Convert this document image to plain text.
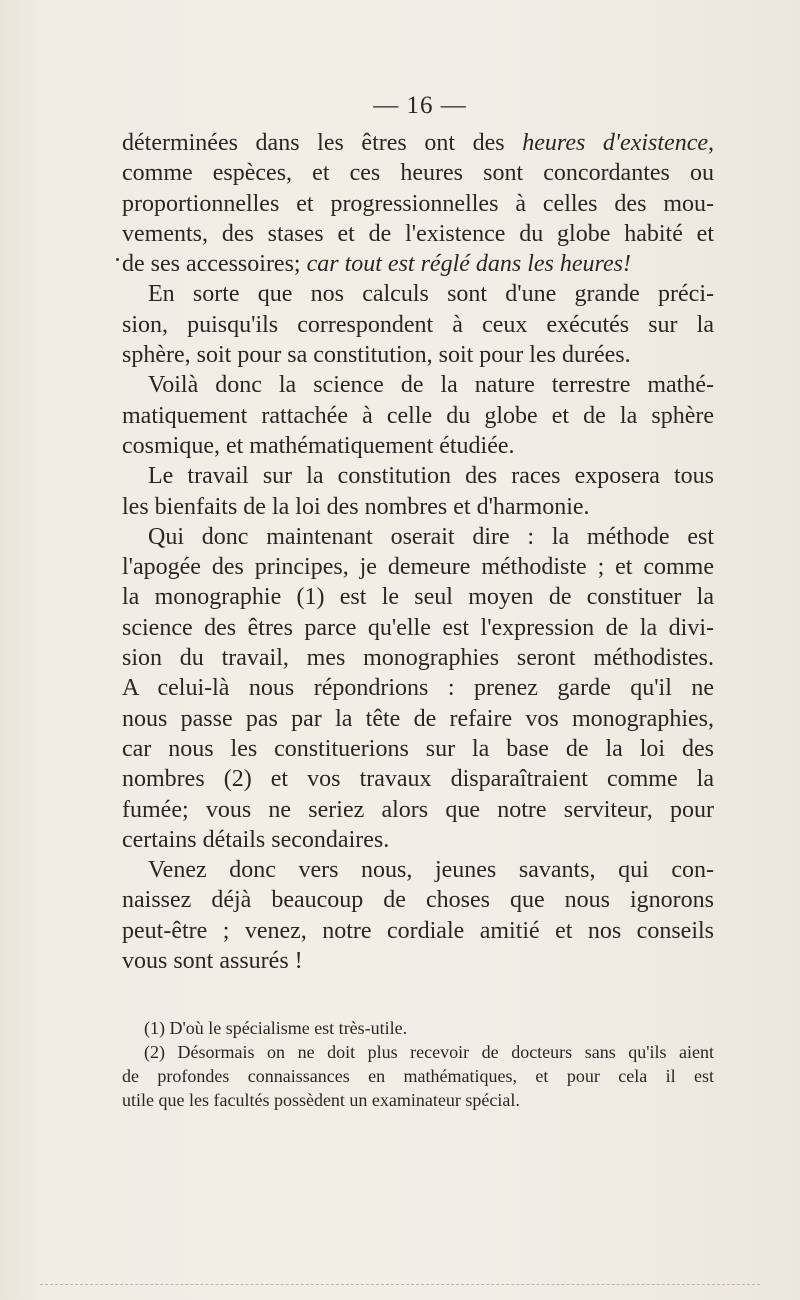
— 16 —
déterminées dans les êtres ont des heures d'existence,
comme espèces, et ces heures sont concordantes ou
proportionnelles et progressionnelles à celles des mou-
vements, des stases et de l'existence du globe habité et
de ses accessoires; car tout est réglé dans les heures!
En sorte que nos calculs sont d'une grande préci-
sion, puisqu'ils correspondent à ceux exécutés sur la
sphère, soit pour sa constitution, soit pour les durées.
Voilà donc la science de la nature terrestre mathé-
matiquement rattachée à celle du globe et de la sphère
cosmique, et mathématiquement étudiée.
Le travail sur la constitution des races exposera tous
les bienfaits de la loi des nombres et d'harmonie.
Qui donc maintenant oserait dire : la méthode est
l'apogée des principes, je demeure méthodiste ; et comme
la monographie (1) est le seul moyen de constituer la
science des êtres parce qu'elle est l'expression de la divi-
sion du travail, mes monographies seront méthodistes.
A celui-là nous répondrions : prenez garde qu'il ne
nous passe pas par la tête de refaire vos monographies,
car nous les constituerions sur la base de la loi des
nombres (2) et vos travaux disparaîtraient comme la
fumée; vous ne seriez alors que notre serviteur, pour
certains détails secondaires.
Venez donc vers nous, jeunes savants, qui con-
naissez déjà beaucoup de choses que nous ignorons
peut-être ; venez, notre cordiale amitié et nos conseils
vous sont assurés !
(1) D'où le spécialisme est très-utile.
(2) Désormais on ne doit plus recevoir de docteurs sans qu'ils aient
de profondes connaissances en mathématiques, et pour cela il est
utile que les facultés possèdent un examinateur spécial.
